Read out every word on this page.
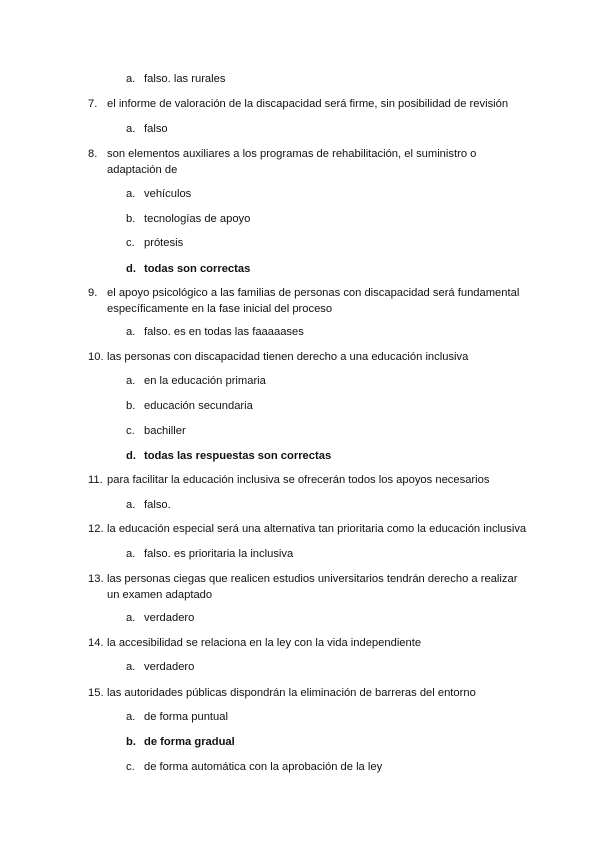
a. falso. las rurales
7. el informe de valoración de la discapacidad será firme, sin posibilidad de revisión
a. falso
8. son elementos auxiliares a los programas de rehabilitación, el suministro o
adaptación de
a. vehículos
b. tecnologías de apoyo
c. prótesis
d. todas son correctas
9. el apoyo psicológico a las familias de personas con discapacidad será fundamental
específicamente en la fase inicial del proceso
a. falso. es en todas las faaaaases
10. las personas con discapacidad tienen derecho a una educación inclusiva
a. en la educación primaria
b. educación secundaria
c. bachiller
d. todas las respuestas son correctas
11. para facilitar la educación inclusiva se ofrecerán todos los apoyos necesarios
a. falso.
12. la educación especial será una alternativa tan prioritaria como la educación inclusiva
a. falso. es prioritaria la inclusiva
13. las personas ciegas que realicen estudios universitarios tendrán derecho a realizar
un examen adaptado
a. verdadero
14. la accesibilidad se relaciona en la ley con la vida independiente
a. verdadero
15. las autoridades públicas dispondrán la eliminación de barreras del entorno
a. de forma puntual
b. de forma gradual
c. de forma automática con la aprobación de la ley
